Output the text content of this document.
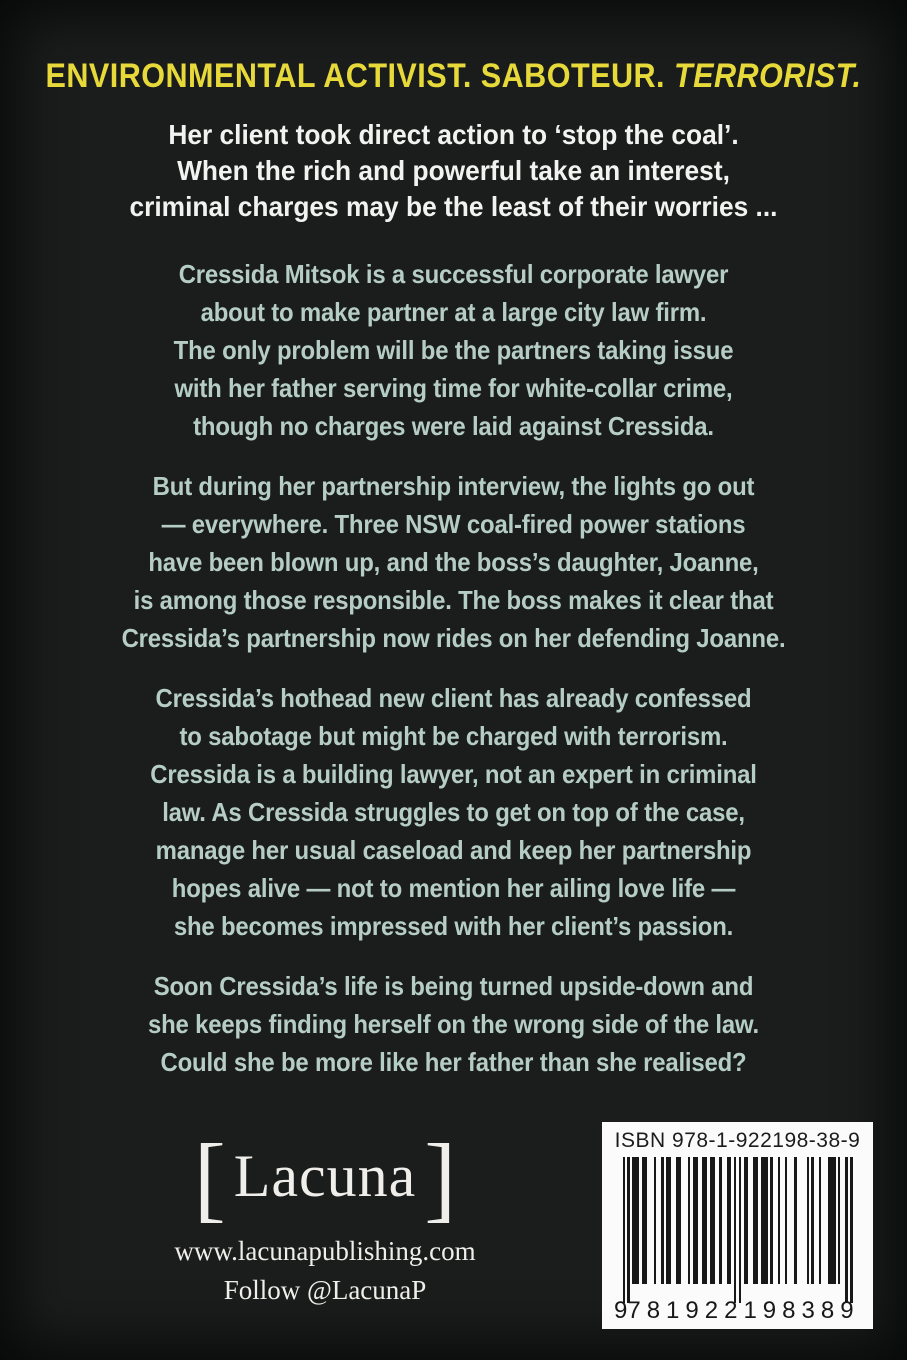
ENVIRONMENTAL ACTIVIST. SABOTEUR. TERRORIST.
Her client took direct action to ‘stop the coal’.
When the rich and powerful take an interest,
criminal charges may be the least of their worries ...

Cressida Mitsok is a successful corporate lawyer
about to make partner at a large city law firm.
The only problem will be the partners taking issue
with her father serving time for white-collar crime,
though no charges were laid against Cressida.

But during her partnership interview, the lights go out
— everywhere. Three NSW coal-fired power stations
have been blown up, and the boss’s daughter, Joanne,
is among those responsible. The boss makes it clear that
Cressida’s partnership now rides on her defending Joanne.

Cressida’s hothead new client has already confessed
to sabotage but might be charged with terrorism.
Cressida is a building lawyer, not an expert in criminal
law. As Cressida struggles to get on top of the case,
manage her usual caseload and keep her partnership
hopes alive — not to mention her ailing love life —
she becomes impressed with her client’s passion.

Soon Cressida’s life is being turned upside-down and
she keeps finding herself on the wrong side of the law.
Could she be more like her father than she realised?

[ Lacuna]
www.lacunapublishing.com
Follow @LacunaP
ISBN 978-1-922198-38-9
9 781922 198389
